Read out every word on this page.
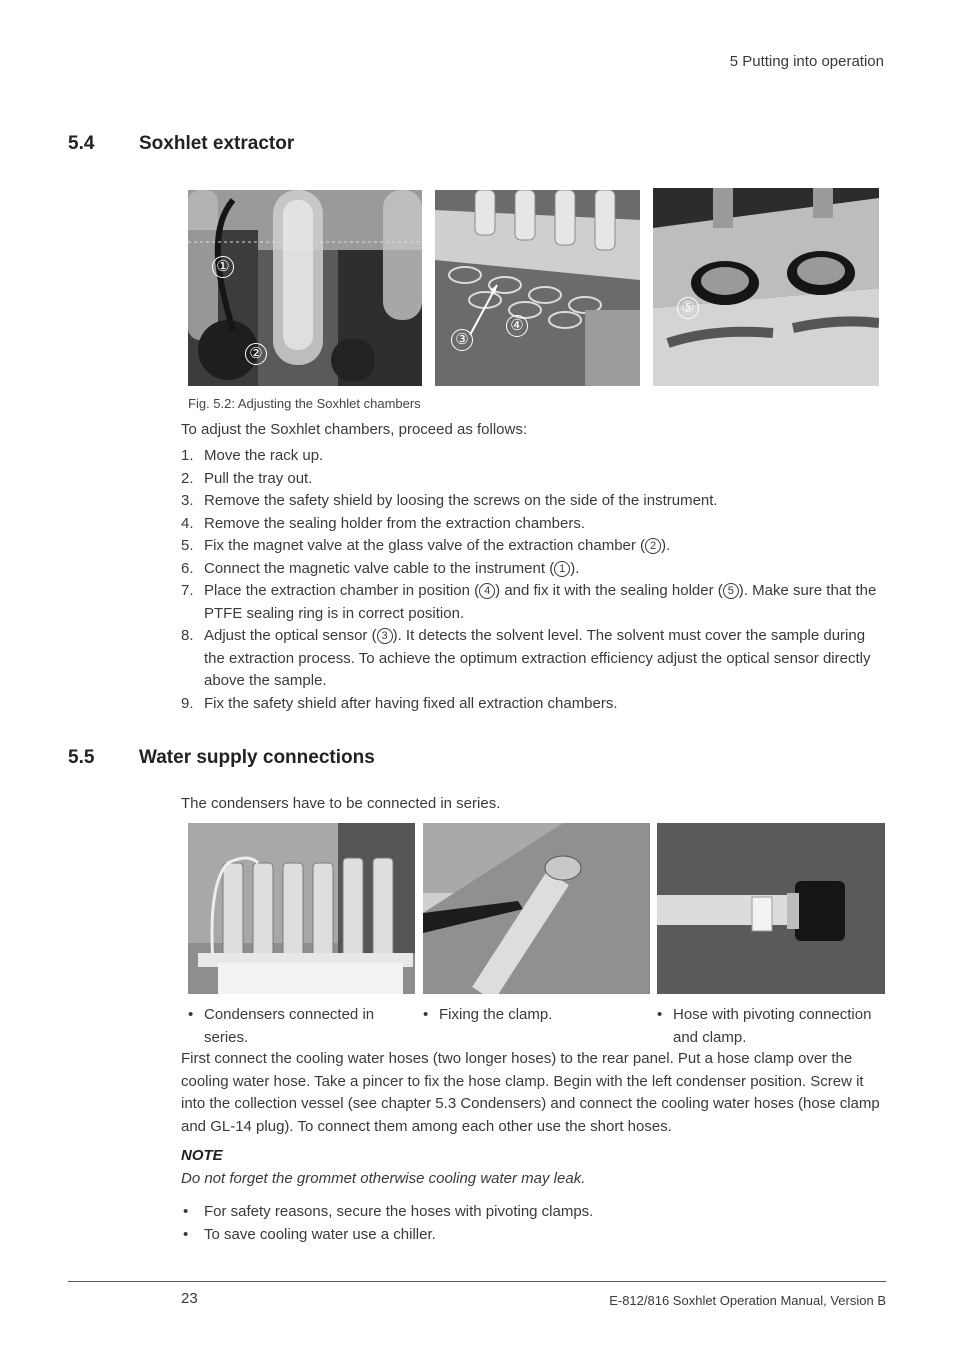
5 Putting into operation
5.4 Soxhlet extractor
①
②
③
④
⑤
Fig. 5.2: Adjusting the Soxhlet chambers
To adjust the Soxhlet chambers, proceed as follows:
1. Move the rack up.
2. Pull the tray out.
3. Remove the safety shield by loosing the screws on the side of the instrument.
4. Remove the sealing holder from the extraction chambers.
5. Fix the magnet valve at the glass valve of the extraction chamber ( 2 ).
6. Connect the magnetic valve cable to the instrument ( 1 ).
7. Place the extraction chamber in position ( 4 ) and fix it with the sealing holder ( 5 ). Make sure that the PTFE sealing ring is in correct position.
8. Adjust the optical sensor ( 3 ). It detects the solvent level. The solvent must cover the sample during the extraction process. To achieve the optimum extraction efficiency adjust the optical sensor directly above the sample.
9. Fix the safety shield after having fixed all extraction chambers.
5.5 Water supply connections
The condensers have to be connected in series.
• Condensers connected in series.
• Fixing the clamp.	• Hose with pivoting connection and clamp.
First connect the cooling water hoses (two longer hoses) to the rear panel. Put a hose clamp over the cooling water hose. Take a pincer to fix the hose clamp. Begin with the left condenser position. Screw it into the collection vessel (see chapter 5.3 Condensers) and connect the cooling water hoses (hose clamp and GL-14 plug). To connect them among each other use the short hoses.
NOTE
Do not forget the grommet otherwise cooling water may leak.
• For safety reasons, secure the hoses with pivoting clamps.
• To save cooling water use a chiller.
23	E-812/816 Soxhlet Operation Manual, Version B
